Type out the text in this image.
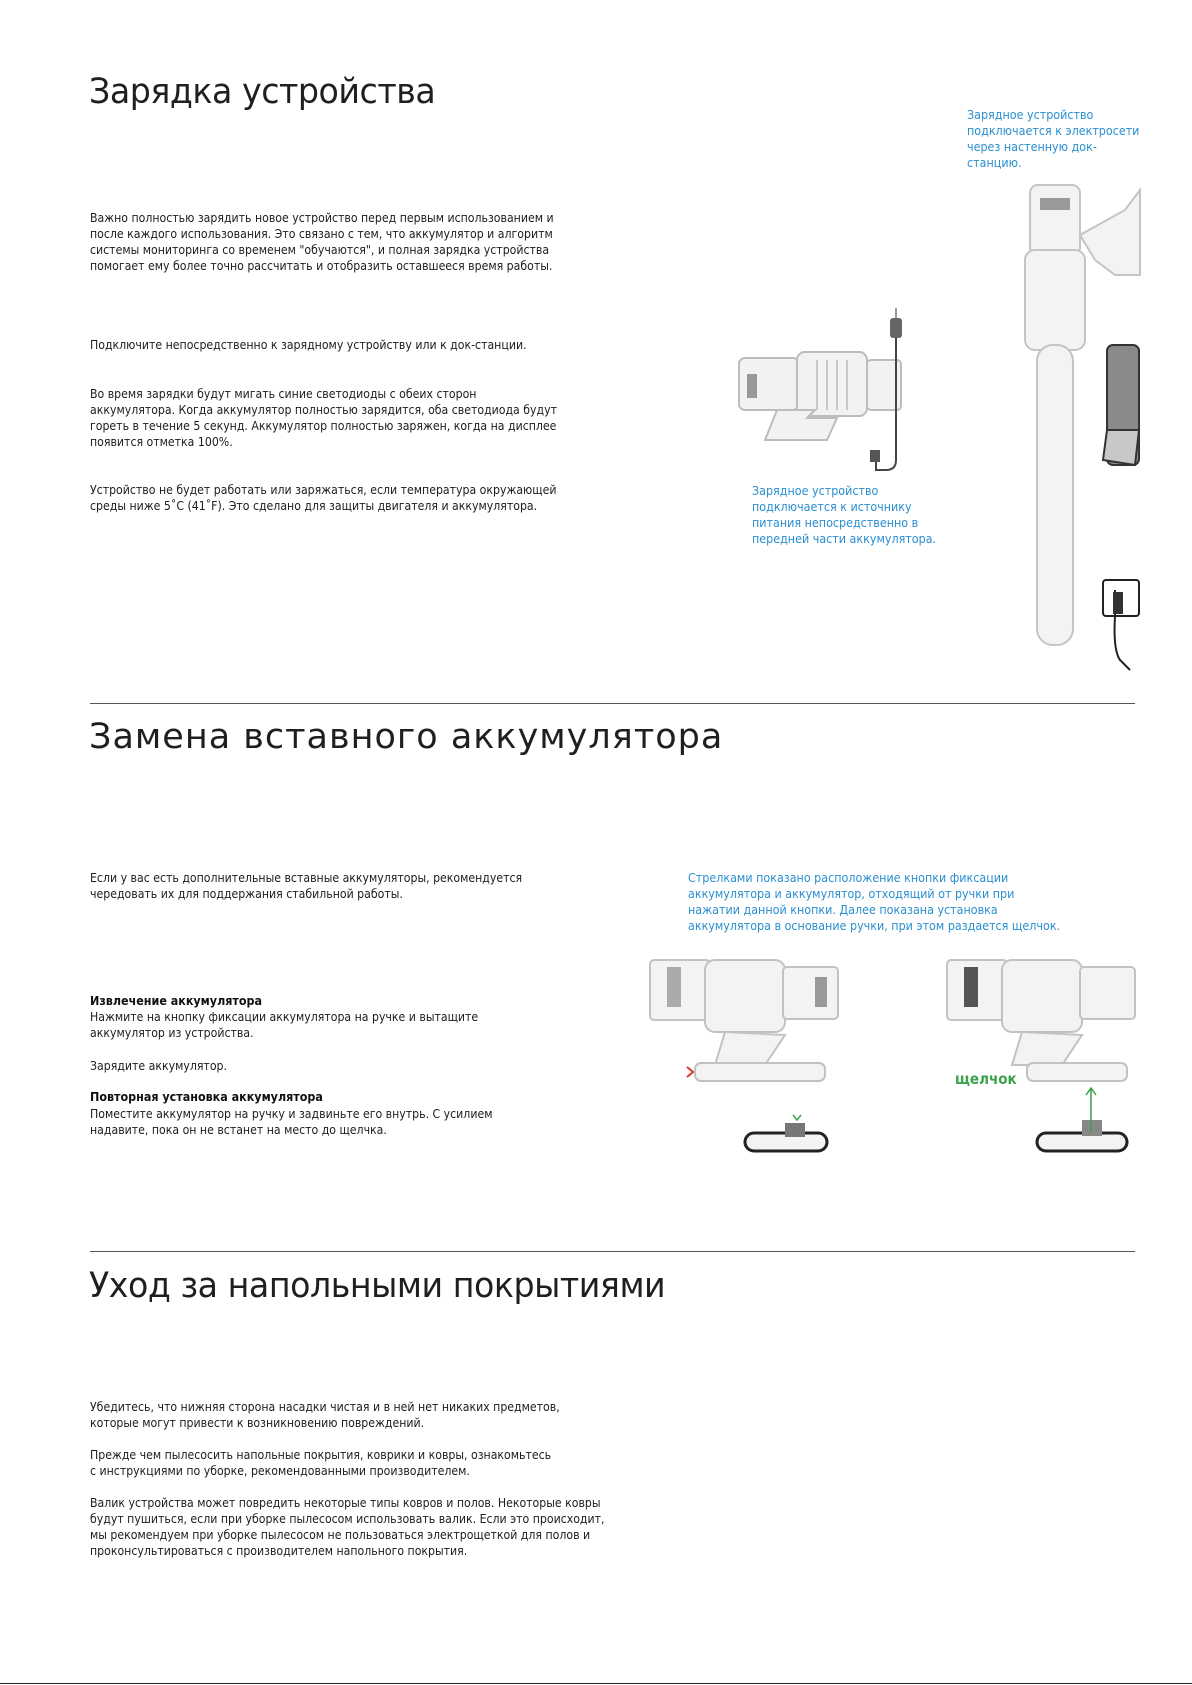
Зарядка устройства

Важно полностью зарядить новое устройство перед первым использованием и
после каждого использования. Это связано с тем, что аккумулятор и алгоритм
системы мониторинга со временем "обучаются", и полная зарядка устройства
помогает ему более точно рассчитать и отобразить оставшееся время работы.

Подключите непосредственно к зарядному устройству или к док-станции.

Во время зарядки будут мигать синие светодиоды с обеих сторон
аккумулятора. Когда аккумулятор полностью зарядится, оба светодиода будут
гореть в течение 5 секунд. Аккумулятор полностью заряжен, когда на дисплее
появится отметка 100%.

Устройство не будет работать или заряжаться, если температура окружающей
среды ниже 5˚C (41˚F). Это сделано для защиты двигателя и аккумулятора.

Зарядное устройство
подключается к электросети
через настенную док-
станцию.

Зарядное устройство
подключается к источнику
питания непосредственно в
передней части аккумулятора.

Замена вставного аккумулятора

Если у вас есть дополнительные вставные аккумуляторы, рекомендуется
чередовать их для поддержания стабильной работы.

Извлечение аккумулятора

Нажмите на кнопку фиксации аккумулятора на ручке и вытащите
аккумулятор из устройства.

Зарядите аккумулятор.

Повторная установка аккумулятора

Поместите аккумулятор на ручку и задвиньте его внутрь. С усилием
надавите, пока он не встанет на место до щелчка.

Стрелками показано расположение кнопки фиксации
аккумулятора и аккумулятор, отходящий от ручки при
нажатии данной кнопки. Далее показана установка
аккумулятора в основание ручки, при этом раздается щелчок.

щелчок
Уход за напольными покрытиями

Убедитесь, что нижняя сторона насадки чистая и в ней нет никаких предметов,
которые могут привести к возникновению повреждений.

Прежде чем пылесосить напольные покрытия, коврики и ковры, ознакомьтесь
с инструкциями по уборке, рекомендованными производителем.

Валик устройства может повредить некоторые типы ковров и полов. Некоторые ковры
будут пушиться, если при уборке пылесосом использовать валик. Если это происходит,
мы рекомендуем при уборке пылесосом не пользоваться электрощеткой для полов и
проконсультироваться с производителем напольного покрытия.
